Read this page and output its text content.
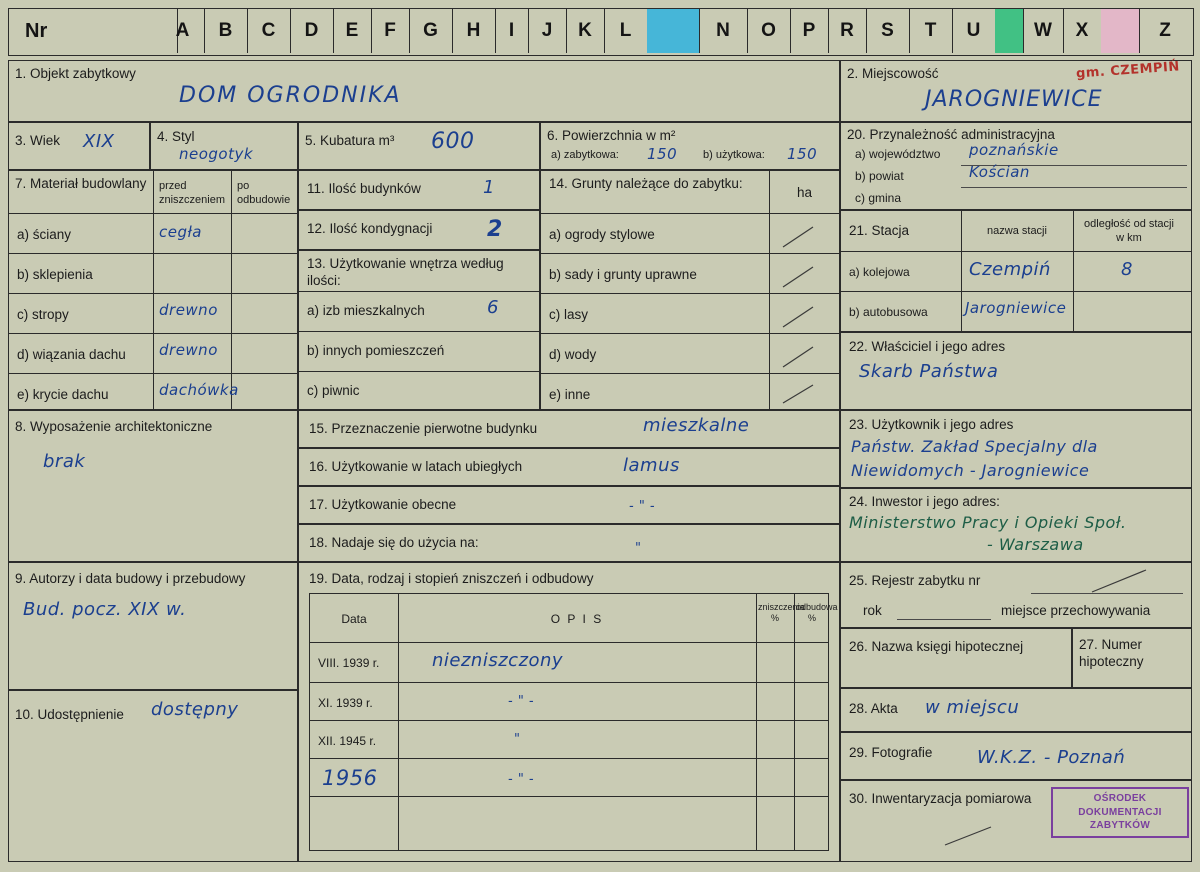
Nr	A B C D E F G H I J K L	N O P R S T U	W X	Z
1. Objekt zabytkowy
DOM OGRODNIKA
2. Miejscowość
JAROGNIEWICE
gm. CZEMPIŃ
3. Wiek XIX	4. Styl
neogotyk
5. Kubatura m³ 600	6. Powierzchnia w m²
a) zabytkowa: 150 b) użytkowa: 150
20. Przynależność administracyjna
a) województwo poznańskie
b) powiat	Kościan
c) gmina
7. Materiał budowlany	przed zniszczeniem
po odbudowie
a) ściany	cegła
b) sklepienia
c) stropy	drewno
d) wiązania dachu drewno
e) krycie dachu	dachówka
11. Ilość budynków	1
12. Ilość kondygnacji 2
13. Użytkowanie wnętrza według ilości:
a) izb mieszkalnych	6
b) innych pomieszczeń
c) piwnic
14. Grunty należące do zabytku:
ha
a) ogrody stylowe
b) sady i grunty uprawne
c) lasy
d) wody
e) inne
21. Stacja	nazwa stacji
odległość od stacji w km
a) kolejowa	Czempiń	8
b) autobusowa Jarogniewice
22. Właściciel i jego adres
Skarb Państwa
8. Wyposażenie architektoniczne
brak
15. Przeznaczenie pierwotne budynku	mieszkalne
16. Użytkowanie w latach ubiegłych	lamus
17. Użytkowanie obecne	- " -
18. Nadaje się do użycia na:	"
23. Użytkownik i jego adres
Państw. Zakład Specjalny dla
Niewidomych - Jarogniewice
24. Inwestor i jego adres:
Ministerstwo Pracy i Opieki Społ.
- Warszawa
9. Autorzy i data budowy i przebudowy
Bud. pocz. XIX w.
10. Udostępnienie dostępny
19. Data, rodzaj i stopień zniszczeń i odbudowy
Data	O P I S
zniszczenia %
odbudowa %
VIII. 1939 r.	niezniszczony
XI. 1939 r.	- " -
XII. 1945 r.	"
1956	- " -
25. Rejestr zabytku nr
rok	miejsce przechowywania
26. Nazwa księgi hipotecznej	27. Numer hipoteczny
28. Akta w miejscu
29. Fotografie W.K.Z. - Poznań
30. Inwentaryzacja pomiarowa	OŚRODEK
DOKUMENTACJI
ZABYTKÓW
